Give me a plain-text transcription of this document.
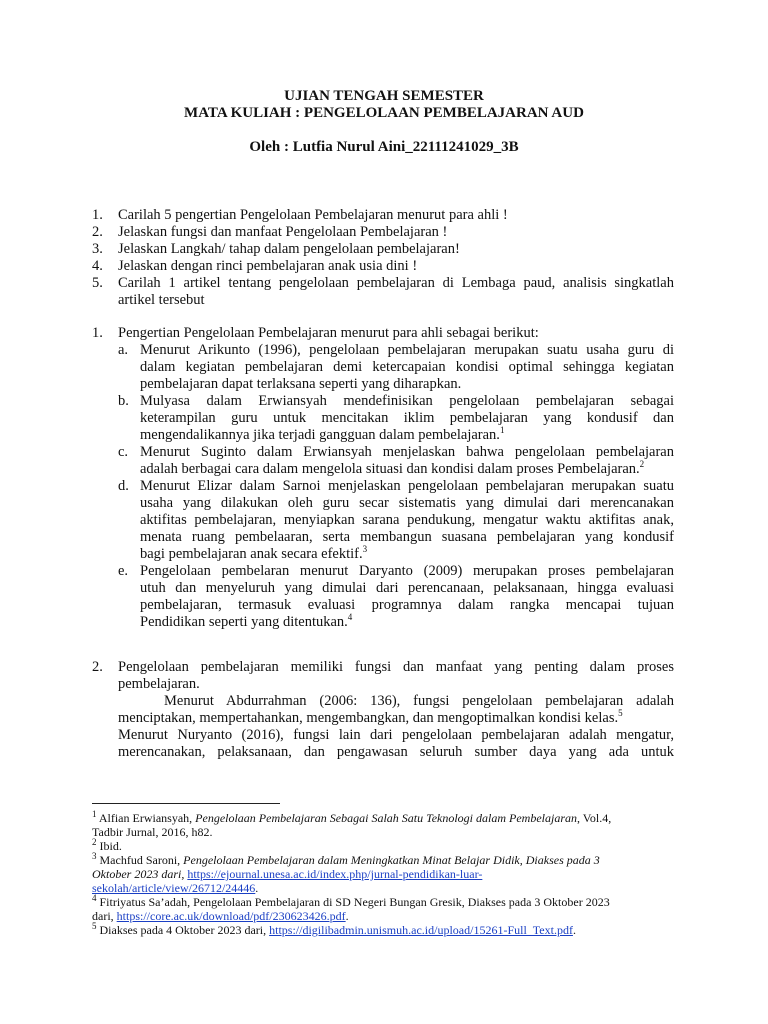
UJIAN TENGAH SEMESTER
MATA KULIAH : PENGELOLAAN PEMBELAJARAN AUD
Oleh : Lutfia Nurul Aini_22111241029_3B
1. Carilah 5 pengertian Pengelolaan Pembelajaran menurut para ahli !
2. Jelaskan fungsi dan manfaat Pengelolaan Pembelajaran !
3. Jelaskan Langkah/ tahap dalam pengelolaan pembelajaran!
4. Jelaskan dengan rinci pembelajaran anak usia dini !
5. Carilah 1 artikel tentang pengelolaan pembelajaran di Lembaga paud, analisis singkatlah
artikel tersebut
1. Pengertian Pengelolaan Pembelajaran menurut para ahli sebagai berikut:
a. Menurut Arikunto (1996), pengelolaan pembelajaran merupakan suatu usaha guru di
dalam kegiatan pembelajaran demi ketercapaian kondisi optimal sehingga kegiatan
pembelajaran dapat terlaksana seperti yang diharapkan.
b. Mulyasa dalam Erwiansyah mendefinisikan pengelolaan pembelajaran sebagai
keterampilan guru untuk mencitakan iklim pembelajaran yang kondusif dan
mengendalikannya jika terjadi gangguan dalam pembelajaran.$^1$
c. Menurut Suginto dalam Erwiansyah menjelaskan bahwa pengelolaan pembelajaran
adalah berbagai cara dalam mengelola situasi dan kondisi dalam proses Pembelajaran.$^2$
d. Menurut Elizar dalam Sarnoi menjelaskan pengelolaan pembelajaran merupakan suatu
usaha yang dilakukan oleh guru secar sistematis yang dimulai dari merencanakan
aktifitas pembelajaran, menyiapkan sarana pendukung, mengatur waktu aktifitas anak,
menata ruang pembelaaran, serta membangun suasana pembelajaran yang kondusif
bagi pembelajaran anak secara efektif.$^3$
e. Pengelolaan pembelaran menurut Daryanto (2009) merupakan proses pembelajaran
utuh dan menyeluruh yang dimulai dari perencanaan, pelaksanaan, hingga evaluasi
pembelajaran, termasuk evaluasi programnya dalam rangka mencapai tujuan
Pendidikan seperti yang ditentukan.$^4$
2. Pengelolaan pembelajaran memiliki fungsi dan manfaat yang penting dalam proses
pembelajaran.
Menurut Abdurrahman (2006: 136), fungsi pengelolaan pembelajaran adalah
menciptakan, mempertahankan, mengembangkan, dan mengoptimalkan kondisi kelas.$^5$
Menurut Nuryanto (2016), fungsi lain dari pengelolaan pembelajaran adalah mengatur,
merencanakan, pelaksanaan, dan pengawasan seluruh sumber daya yang ada untuk
$^1$ Alfian Erwiansyah, Pengelolaan Pembelajaran Sebagai Salah Satu Teknologi dalam Pembelajaran, Vol.4,
Tadbir Jurnal, 2016, h82.
$^2$ Ibid.
$^3$ Machfud Saroni, Pengelolaan Pembelajaran dalam Meningkatkan Minat Belajar Didik, Diakses pada 3
Oktober 2023 dari, https://ejournal.unesa.ac.id/index.php/jurnal-pendidikan-luar-
sekolah/article/view/26712/24446.
$^4$ Fitriyatus Sa’adah, Pengelolaan Pembelajaran di SD Negeri Bungan Gresik, Diakses pada 3 Oktober 2023
dari, https://core.ac.uk/download/pdf/230623426.pdf.
$^5$ Diakses pada 4 Oktober 2023 dari, https://digilibadmin.unismuh.ac.id/upload/15261-Full_Text.pdf.
